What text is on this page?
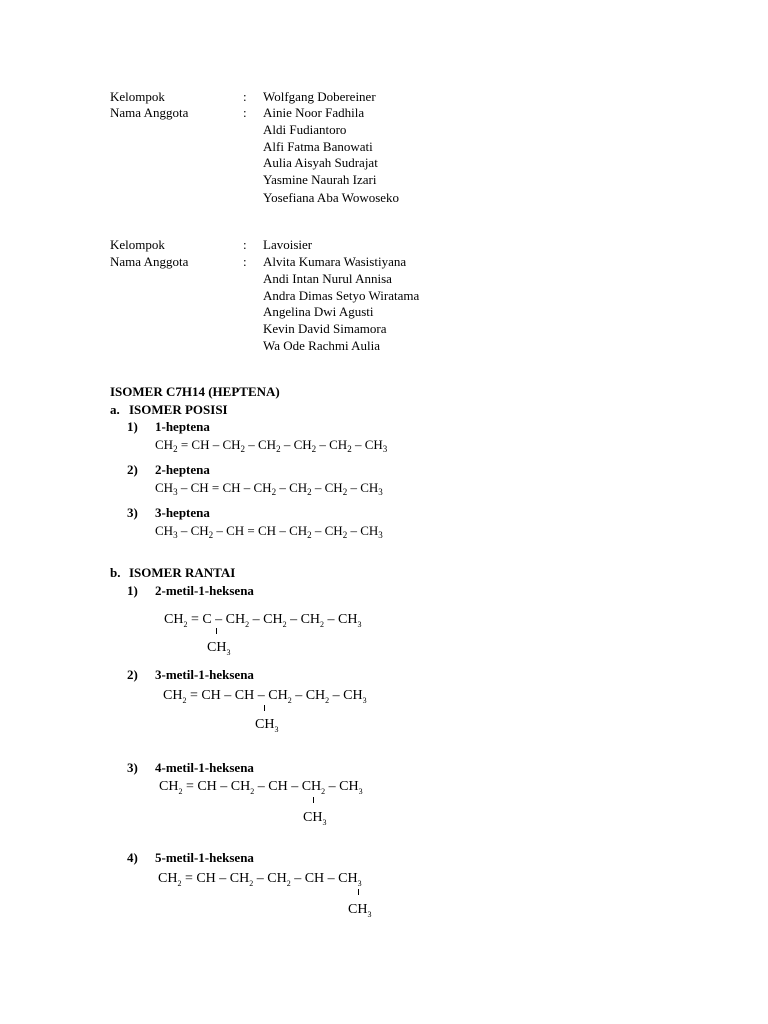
Kelompok	: Wolfgang Dobereiner
Nama Anggota	: Ainie Noor Fadhila
Aldi Fudiantoro
Alfi Fatma Banowati
Aulia Aisyah Sudrajat
Yasmine Naurah Izari
Yosefiana Aba Wowoseko
Kelompok	: Lavoisier
Nama Anggota	: Alvita Kumara Wasistiyana
Andi Intan Nurul Annisa
Andra Dimas Setyo Wiratama
Angelina Dwi Agusti
Kevin David Simamora
Wa Ode Rachmi Aulia
ISOMER C7H14 (HEPTENA)
a. ISOMER POSISI
1) 1-heptena
$CH_2$ = CH – $CH_2 - CH_2 - CH_2 - CH_2 - CH_3$
2) 2-heptena
$CH_3$ – CH = CH – $CH_2 - CH_2 - CH_2 - CH_3$
3) 3-heptena
$CH_3 - CH_2$ – CH = CH – $CH_2 - CH_2 - CH_3$
b. ISOMER RANTAI
1) 2-metil-1-heksena
$CH_2 = C - CH_2 - CH_2 - CH_2 - CH_3$
$CH_3$
2) 3-metil-1-heksena
$CH_2$ = CH – CH – $CH_2 - CH_2 - CH_3$
$CH_3$
3) 4-metil-1-heksena
$CH_2$ = CH – $CH_2$ – CH – $CH_2 - CH_3$
$CH_3$
4) 5-metil-1-heksena
$CH_2$ = CH – $CH_2 - CH_2$ – CH – $CH_3$
$CH_3$
